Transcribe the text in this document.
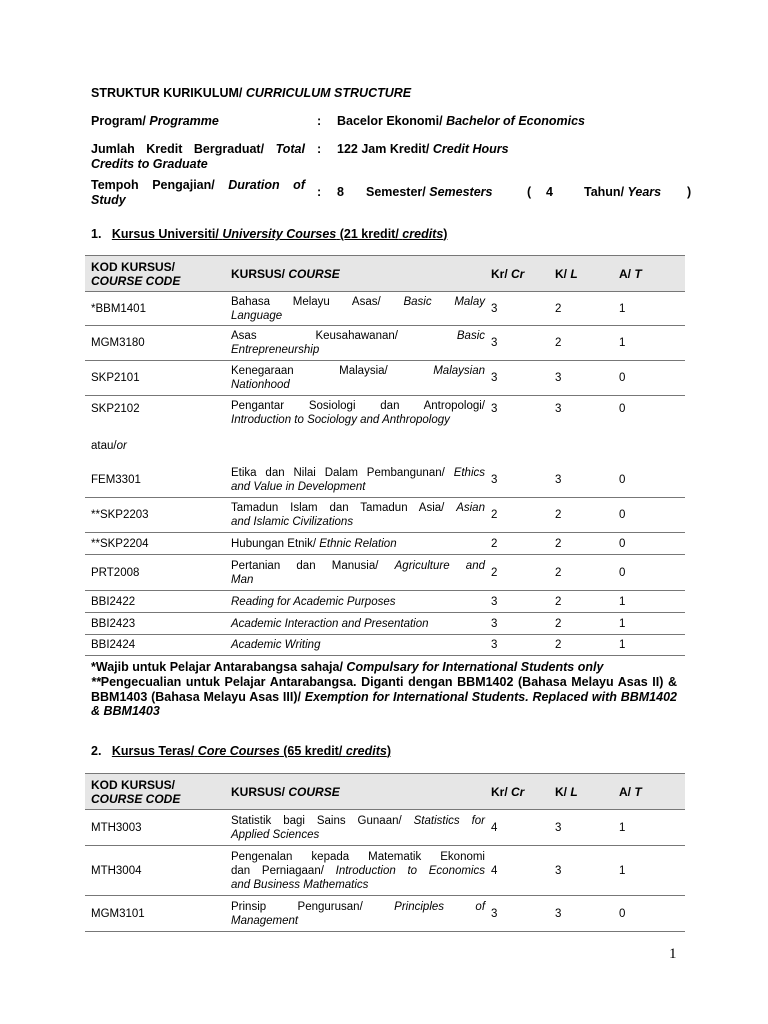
STRUKTUR KURIKULUM/ CURRICULUM STRUCTURE
Program/ Programme	: Bacelor Ekonomi/ Bachelor of Economics
Jumlah Kredit Bergraduat/ Total
Credits to Graduate
: 122 Jam Kredit/ Credit Hours
Tempoh Pengajian/ Duration of
Study
: 8 Semester/ Semesters	( 4 Tahun/ Years )
1. Kursus Universiti/ University Courses (21 kredit/ credits)
KOD KURSUS/
COURSE CODE	KURSUS/ COURSE	Kr/ Cr	K/ L	A/ T
*BBM1401	Bahasa Melayu Asas/ Basic Malay
Language	3	2	1
MGM3180	Asas Keusahawanan/ Basic
Entrepreneurship	3	2	1
SKP2101	Kenegaraan Malaysia/ Malaysian
Nationhood	3	3	0
SKP2102	Pengantar Sosiologi dan Antropologi/
Introduction to Sociology and Anthropology	3	3	0
atau/or				
FEM3301	Etika dan Nilai Dalam Pembangunan/ Ethics
and Value in Development	3	3	0
**SKP2203	Tamadun Islam dan Tamadun Asia/ Asian
and Islamic Civilizations	2	2	0
**SKP2204	Hubungan Etnik/ Ethnic Relation	2	2	0
PRT2008	Pertanian dan Manusia/ Agriculture and
Man	2	2	0
BBI2422	Reading for Academic Purposes	3	2	1
BBI2423	Academic Interaction and Presentation	3	2	1
BBI2424	Academic Writing	3	2	1
*Wajib untuk Pelajar Antarabangsa sahaja/ Compulsary for International Students only
**Pengecualian untuk Pelajar Antarabangsa. Diganti dengan BBM1402 (Bahasa Melayu Asas II) & BBM1403 (Bahasa Melayu Asas III)/ Exemption for International Students. Replaced with BBM1402 & BBM1403
2. Kursus Teras/ Core Courses (65 kredit/ credits)
KOD KURSUS/
COURSE CODE	KURSUS/ COURSE	Kr/ Cr	K/ L	A/ T
MTH3003	Statistik bagi Sains Gunaan/ Statistics for
Applied Sciences	4	3	1
MTH3004	Pengenalan kepada Matematik Ekonomi
dan Perniagaan/ Introduction to Economics
and Business Mathematics	4	3	1
MGM3101	Prinsip Pengurusan/ Principles of
Management	3	3	0
1
